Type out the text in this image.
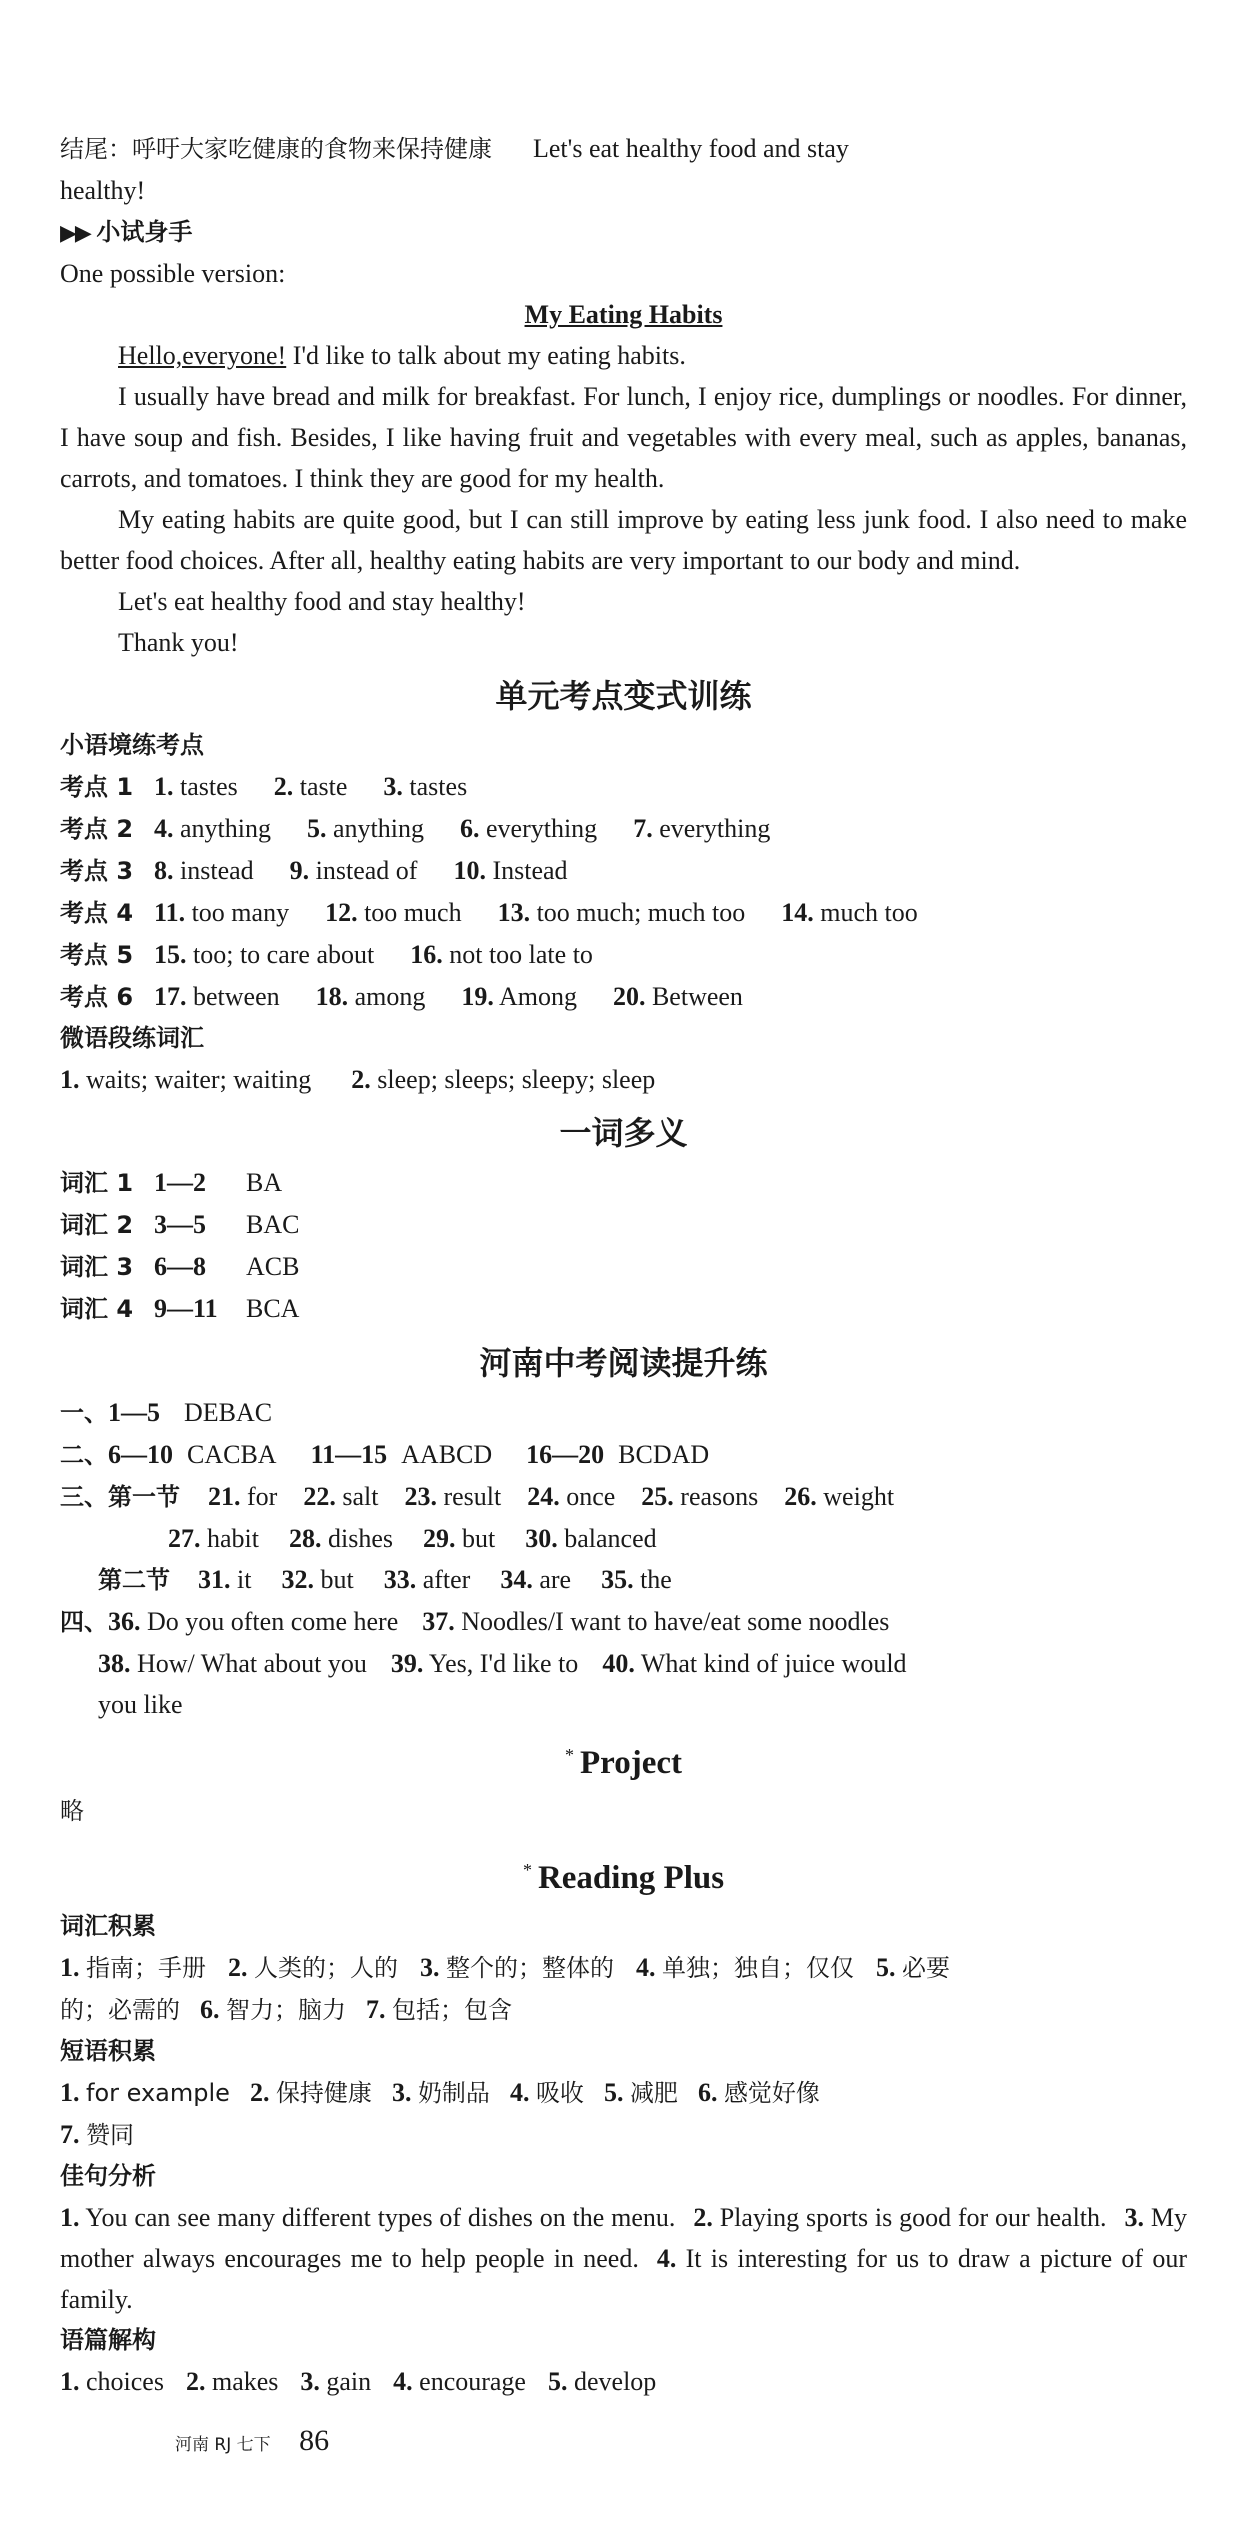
结尾：呼吁大家吃健康的食物来保持健康 Let's eat healthy food and stay

healthy!

▶▶ 小试身手

One possible version:

My Eating Habits

Hello,everyone! I'd like to talk about my eating habits.

I usually have bread and milk for breakfast. For lunch, I enjoy rice, dumplings or noodles. For dinner, I have soup and fish. Besides, I like having fruit and vegetables with every meal, such as apples, bananas, carrots, and tomatoes. I think they are good for my health.

My eating habits are quite good, but I can still improve by eating less junk food. I also need to make better food choices. After all, healthy eating habits are very important to our body and mind.

Let's eat healthy food and stay healthy!

Thank you!

单元考点变式训练

小语境练考点

考点 1 1. tastes 2. taste 3. tastes

考点 2 4. anything 5. anything 6. everything 7. everything

考点 3 8. instead 9. instead of 10. Instead

考点 4 11. too many 12. too much 13. too much; much too 14. much too

考点 5 15. too; to care about 16. not too late to

考点 6 17. between 18. among 19. Among 20. Between

微语段练词汇

1. waits; waiter; waiting 2. sleep; sleeps; sleepy; sleep

一词多义

词汇 1 1—2 BA

词汇 2 3—5 BAC

词汇 3 6—8 ACB

词汇 4 9—11 BCA

河南中考阅读提升练

一、1—5 DEBAC

二、6—10 CACBA 11—15 AABCD 16—20 BCDAD

三、第一节 21. for 22. salt 23. result 24. once 25. reasons 26. weight

27. habit 28. dishes 29. but 30. balanced

第二节 31. it 32. but 33. after 34. are 35. the

四、36. Do you often come here 37. Noodles/I want to have/eat some noodles

38. How/ What about you 39. Yes, I'd like to 40. What kind of juice would

you like

* Project

略

* Reading Plus

词汇积累

1. 指南；手册 2. 人类的；人的 3. 整个的；整体的 4. 单独；独自；仅仅 5. 必要

的；必需的 6. 智力；脑力 7. 包括；包含

短语积累

1. for example 2. 保持健康 3. 奶制品 4. 吸收 5. 减肥 6. 感觉好像

7. 赞同

佳句分析

1. You can see many different types of dishes on the menu. 2. Playing sports is good for our health. 3. My mother always encourages me to help people in need. 4. It is interesting for us to draw a picture of our family.

语篇解构

1. choices 2. makes 3. gain 4. encourage 5. develop

河南 RJ 七下 86
